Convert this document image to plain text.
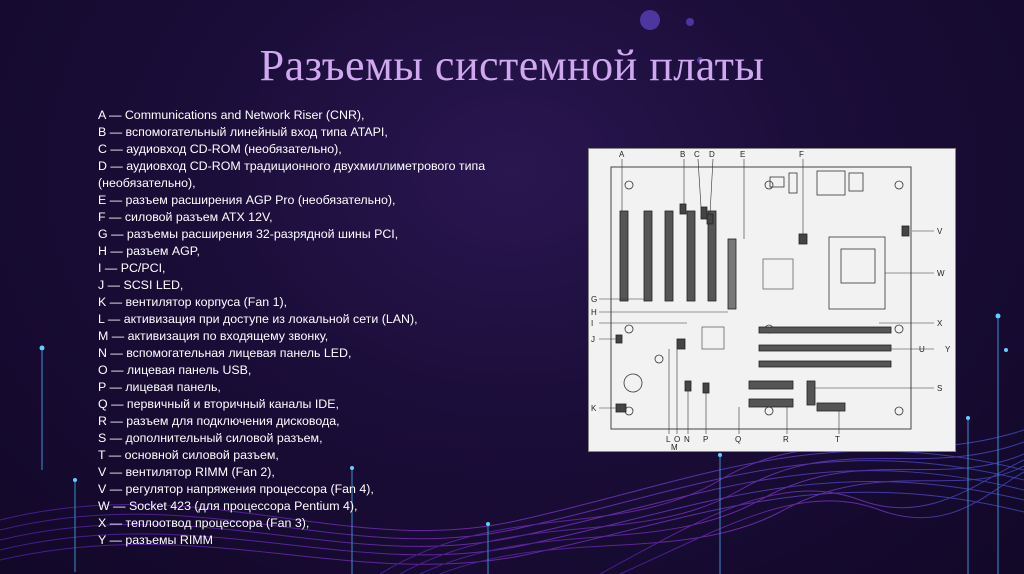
Разъемы системной платы
A — Communications and Network Riser (CNR),
B — вспомогательный линейный вход типа ATAPI,
C — аудиовход CD-ROM (необязательно),
D — аудиовход CD-ROM традиционного двухмиллиметрового типа (необязательно),
E — разъем расширения AGP Pro (необязательно),
F — силовой разъем ATX 12V,
G — разъемы расширения 32-разрядной шины PCI,
H — разъем AGP,
I — PC/PCI,
J — SCSI LED,
K — вентилятор корпуса (Fan 1),
L — активизация при доступе из локальной сети (LAN),
M — активизация по входящему звонку,
N — вспомогательная лицевая панель LED,
O — лицевая панель USB,
P — лицевая панель,
Q — первичный и вторичный каналы IDE,
R — разъем для подключения дисковода,
S — дополнительный силовой разъем,
T — основной силовой разъем,
V — вентилятор RIMM (Fan 2),
V — регулятор напряжения процессора (Fan 4),
W — Socket 423 (для процессора Pentium 4),
X — теплоотвод процессора (Fan 3),
Y — разъемы RIMM
A	B C D	E	F
V
W
X
U	Y
S
G
H
I
J
K
L O N P	Q	R	T
M
